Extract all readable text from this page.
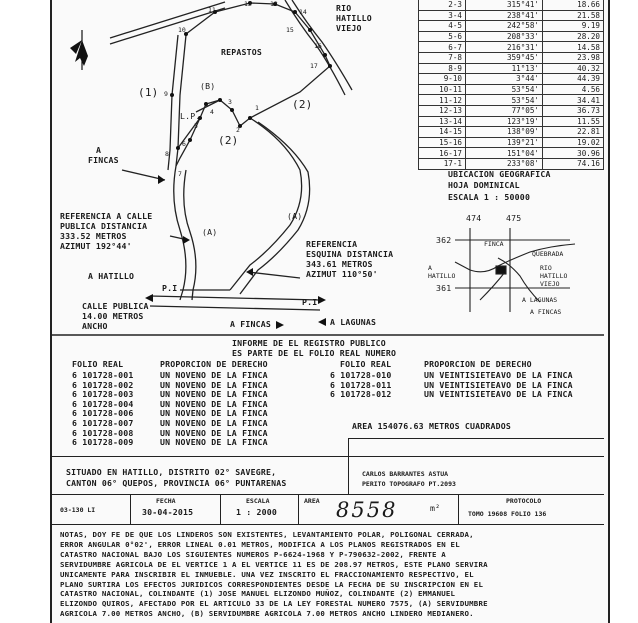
REPASTOS
RIO
HATILLO
VIEJO
(1)
(2)
(2)
(B)
(A)
(A)
L.P.
A
FINCAS
REFERENCIA A CALLE
PUBLICA DISTANCIA
333.52 METROS
AZIMUT 192°44'	REFERENCIA
ESQUINA DISTANCIA
343.61 METROS
AZIMUT 110°50'
A HATILLO
P.I
P.I
CALLE PUBLICA
14.00 METROS
ANCHO	A FINCAS	A LAGUNAS
1
2
3
4
5
6
7
8
9
10
11
12	13
14
15
16
17
2-3	315°41'	18.66
3-4	238°41'	21.58
4-5	242°58'	9.19
5-6	208°33'	28.20
6-7	216°31'	14.58
7-8	359°45'	23.98
8-9	11°13'	40.32
9-10	3°44'	44.39
10-11	53°54'	4.56
11-12	53°54'	34.41
12-13	77°05'	36.73
13-14	123°19'	11.55
14-15	138°09'	22.81
15-16	139°21'	19.02
16-17	151°04'	30.96
17-1	233°08'	74.16
UBICACION GEOGRAFICA
HOJA DOMINICAL
ESCALA 1 : 50000
474	475
362
361
FINCA
QUEBRADA
RIO
HATILLO
VIEJO
A
HATILLO
A LAGUNAS
A FINCAS
INFORME DE EL REGISTRO PUBLICO
ES PARTE DE EL FOLIO REAL NUMERO
FOLIO REAL	PROPORCION DE DERECHO	FOLIO REAL	PROPORCION DE DERECHO
6 101728-001	UN NOVENO DE LA FINCA
6 101728-002	UN NOVENO DE LA FINCA
6 101728-003	UN NOVENO DE LA FINCA
6 101728-004	UN NOVENO DE LA FINCA
6 101728-006	UN NOVENO DE LA FINCA
6 101728-007	UN NOVENO DE LA FINCA
6 101728-008	UN NOVENO DE LA FINCA
6 101728-009	UN NOVENO DE LA FINCA
6 101728-010	UN VEINTISIETEAVO DE LA FINCA
6 101728-011	UN VEINTISIETEAVO DE LA FINCA
6 101728-012	UN VEINTISIETEAVO DE LA FINCA
AREA 154076.63 METROS CUADRADOS
SITUADO EN HATILLO, DISTRITO 02° SAVEGRE,
CANTON 06° QUEPOS, PROVINCIA 06° PUNTARENAS
CARLOS BARRANTES ASTUA
PERITO TOPOGRAFO PT.2093
03-130 LI
FECHA
30-04-2015
ESCALA
1 : 2000
AREA 8558	m²
PROTOCOLO
TOMO 19608 FOLIO 136
NOTAS, DOY FE DE QUE LOS LINDEROS SON EXISTENTES, LEVANTAMIENTO POLAR, POLIGONAL CERRADA,
ERROR ANGULAR 0°02', ERROR LINEAL 0.01 METROS, MODIFICA A LOS PLANOS REGISTRADOS EN EL
CATASTRO NACIONAL BAJO LOS SIGUIENTES NUMEROS P-6624-1968 Y P-790632-2002, FRENTE A
SERVIDUMBRE AGRICOLA DE EL VERTICE 1 A EL VERTICE 11 ES DE 208.97 METROS, ESTE PLANO SERVIRA
UNICAMENTE PARA INSCRIBIR EL INMUEBLE. UNA VEZ INSCRITO EL FRACCIONAMIENTO RESPECTIVO, EL
PLANO SURTIRA LOS EFECTOS JURIDICOS CORRESPONDIENTES DESDE LA FECHA DE SU INSCRIPCION EN EL
CATASTRO NACIONAL, COLINDANTE (1) JOSE MANUEL ELIZONDO MUÑOZ, COLINDANTE (2) EMMANUEL
ELIZONDO QUIROS, AFECTADO POR EL ARTICULO 33 DE LA LEY FORESTAL NUMERO 7575, (A) SERVIDUMBRE
AGRICOLA 7.00 METROS ANCHO, (B) SERVIDUMBRE AGRICOLA 7.00 METROS ANCHO LINDERO MEDIANERO.
